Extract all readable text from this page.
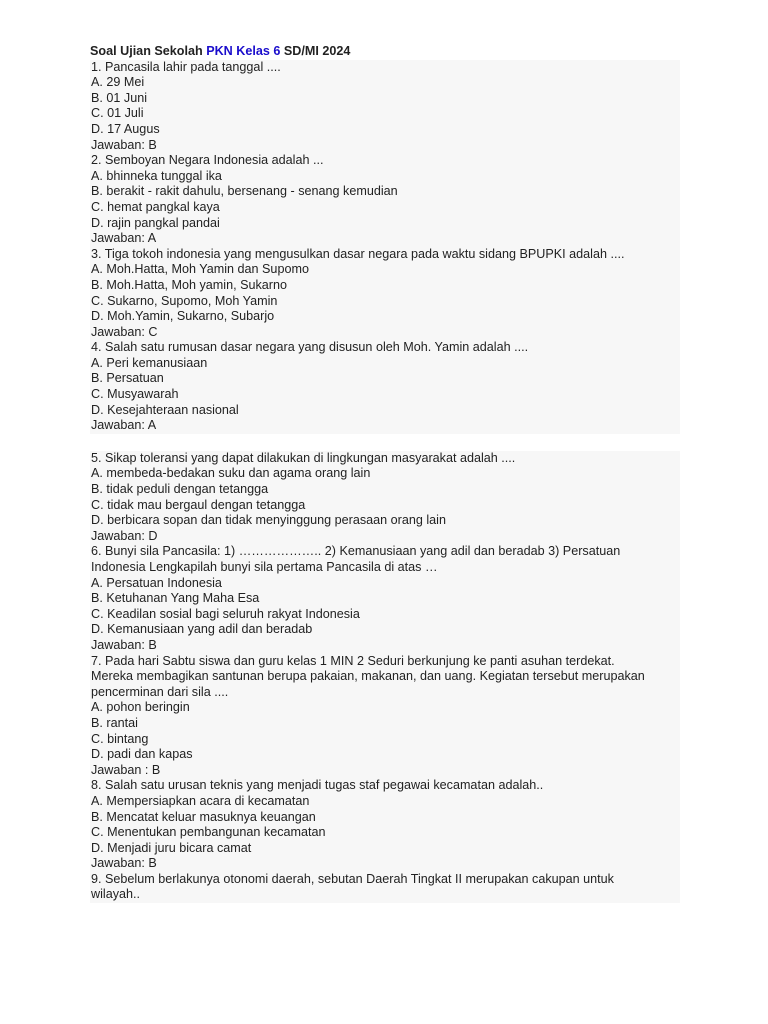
Soal Ujian Sekolah PKN Kelas 6 SD/MI 2024
1. Pancasila lahir pada tanggal ....
A. 29 Mei
B. 01 Juni
C. 01 Juli
D. 17 Augus
Jawaban: B
2. Semboyan Negara Indonesia adalah ...
A. bhinneka tunggal ika
B. berakit - rakit dahulu, bersenang - senang kemudian
C. hemat pangkal kaya
D. rajin pangkal pandai
Jawaban: A
3. Tiga tokoh indonesia yang mengusulkan dasar negara pada waktu sidang BPUPKI adalah ....
A. Moh.Hatta, Moh Yamin dan Supomo
B. Moh.Hatta, Moh yamin, Sukarno
C. Sukarno, Supomo, Moh Yamin
D. Moh.Yamin, Sukarno, Subarjo
Jawaban: C
4. Salah satu rumusan dasar negara yang disusun oleh Moh. Yamin adalah ....
A. Peri kemanusiaan
B. Persatuan
C. Musyawarah
D. Kesejahteraan nasional
Jawaban: A
5. Sikap toleransi yang dapat dilakukan di lingkungan masyarakat adalah ....
A. membeda-bedakan suku dan agama orang lain
B. tidak peduli dengan tetangga
C. tidak mau bergaul dengan tetangga
D. berbicara sopan dan tidak menyinggung perasaan orang lain
Jawaban: D
6. Bunyi sila Pancasila: 1) ……………….. 2) Kemanusiaan yang adil dan beradab 3) Persatuan
Indonesia Lengkapilah bunyi sila pertama Pancasila di atas …
A. Persatuan Indonesia
B. Ketuhanan Yang Maha Esa
C. Keadilan sosial bagi seluruh rakyat Indonesia
D. Kemanusiaan yang adil dan beradab
Jawaban: B
7. Pada hari Sabtu siswa dan guru kelas 1 MIN 2 Seduri berkunjung ke panti asuhan terdekat.
Mereka membagikan santunan berupa pakaian, makanan, dan uang. Kegiatan tersebut merupakan
pencerminan dari sila ....
A. pohon beringin
B. rantai
C. bintang
D. padi dan kapas
Jawaban : B
8. Salah satu urusan teknis yang menjadi tugas staf pegawai kecamatan adalah..
A. Mempersiapkan acara di kecamatan
B. Mencatat keluar masuknya keuangan
C. Menentukan pembangunan kecamatan
D. Menjadi juru bicara camat
Jawaban: B
9. Sebelum berlakunya otonomi daerah, sebutan Daerah Tingkat II merupakan cakupan untuk
wilayah..
